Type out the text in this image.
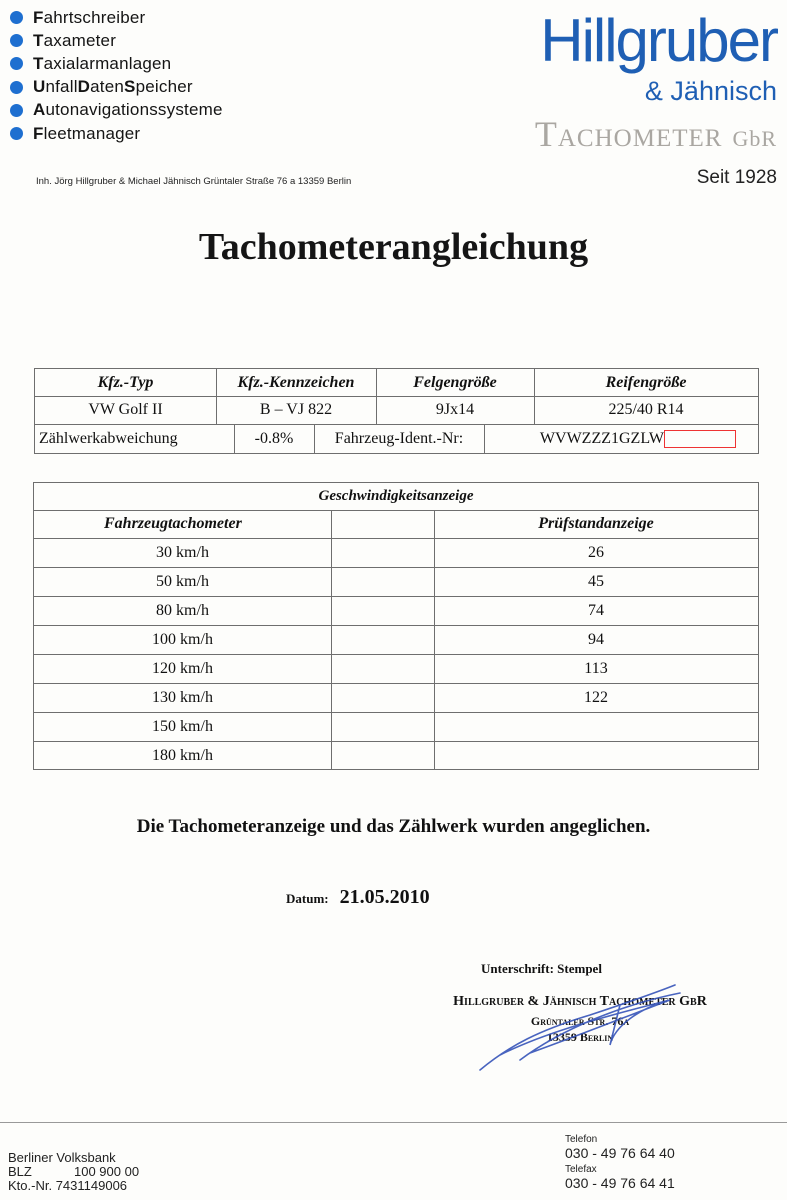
F ahrtschreiber
T axameter
T axialarmanlagen
U nfall D aten S peicher
A utonavigationssysteme
F leetmanager
Hillgruber
& Jähnisch
Tachometer GbR
Inh. Jörg Hillgruber & Michael Jähnisch Grüntaler Straße 76 a 13359 Berlin	Seit 1928
Tachometerangleichung
Kfz.-Typ	Kfz.-Kennzeichen	Felgengröße	Reifengröße
VW Golf II	B – VJ 822	9Jx14	225/40 R14
Zählwerkabweichung	-0.8%	Fahrzeug-Ident.-Nr:	WVWZZZ1GZLW
Geschwindigkeitsanzeige
Fahrzeugtachometer	Prüfstandanzeige
30 km/h	26
50 km/h	45
80 km/h	74
100 km/h	94
120 km/h	113
130 km/h	122
150 km/h
180 km/h
Die Tachometeranzeige und das Zählwerk wurden angeglichen.
Datum: 21.05.2010
Unterschrift: Stempel
Hillgruber & Jähnisch Tachometer GbR
Grüntaler Str. 76a
13359 Berlin
Berliner Volksbank
BLZ	100 900 00
Kto.-Nr.
7431149006
Telefon
030 - 49 76 64 40
Telefax
030 - 49 76 64 41
